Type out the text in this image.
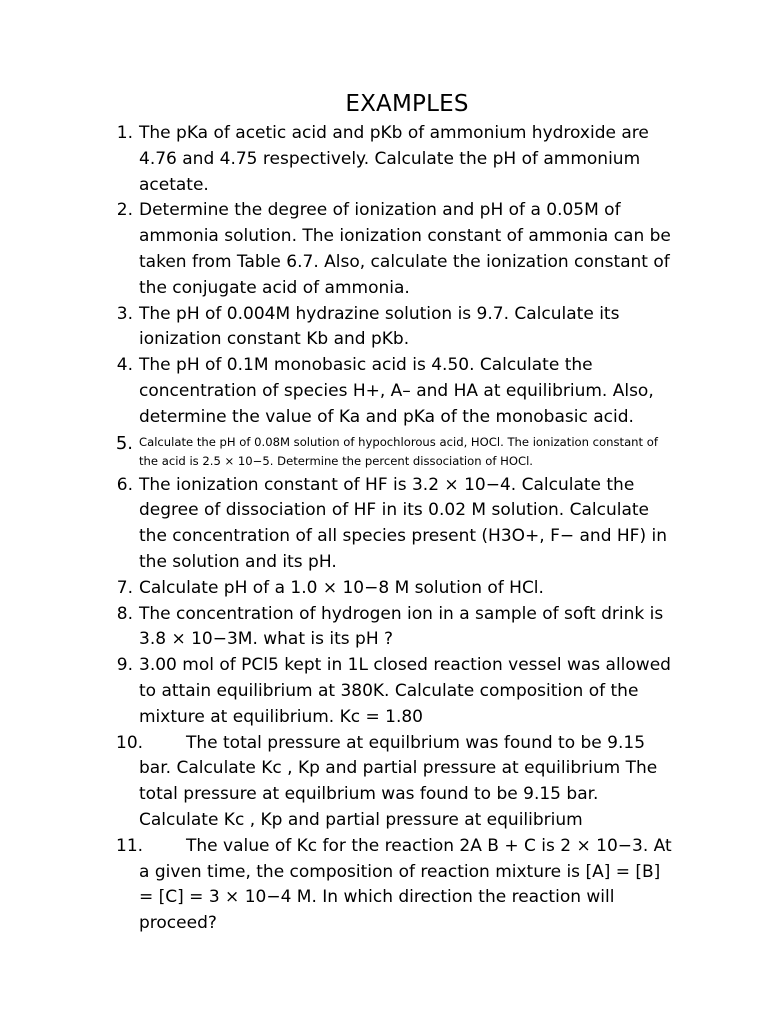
EXAMPLES
1. The pKa of acetic acid and pKb of ammonium hydroxide are 4.76 and 4.75 respectively. Calculate the pH of ammonium acetate.
2. Determine the degree of ionization and pH of a 0.05M of ammonia solution. The ionization constant of ammonia can be taken from Table 6.7. Also, calculate the ionization constant of the conjugate acid of ammonia.
3. The pH of 0.004M hydrazine solution is 9.7. Calculate its ionization constant Kb and pKb.
4. The pH of 0.1M monobasic acid is 4.50. Calculate the concentration of species H+, A– and HA at equilibrium. Also, determine the value of Ka and pKa of the monobasic acid.
5. Calculate the pH of 0.08M solution of hypochlorous acid, HOCl. The ionization constant of the acid is 2.5 × 10−5. Determine the percent dissociation of HOCl.
6. The ionization constant of HF is 3.2 × 10−4. Calculate the degree of dissociation of HF in its 0.02 M solution. Calculate the concentration of all species present (H3O+, F− and HF) in the solution and its pH.
7. Calculate pH of a 1.0 × 10−8 M solution of HCl.
8. The concentration of hydrogen ion in a sample of soft drink is 3.8 × 10−3M. what is its pH ?
9. 3.00 mol of PCl5 kept in 1L closed reaction vessel was allowed to attain equilibrium at 380K. Calculate composition of the mixture at equilibrium. Kc = 1.80
10.	The total pressure at equilbrium was found to be 9.15 bar. Calculate Kc , Kp and partial pressure at equilibrium The total pressure at equilbrium was found to be 9.15 bar. Calculate Kc , Kp and partial pressure at equilibrium
11.	The value of Kc for the reaction 2A B + C is 2 × 10−3. At a given time, the composition of reaction mixture is [A] = [B] = [C] = 3 × 10−4 M. In which direction the reaction will proceed?
